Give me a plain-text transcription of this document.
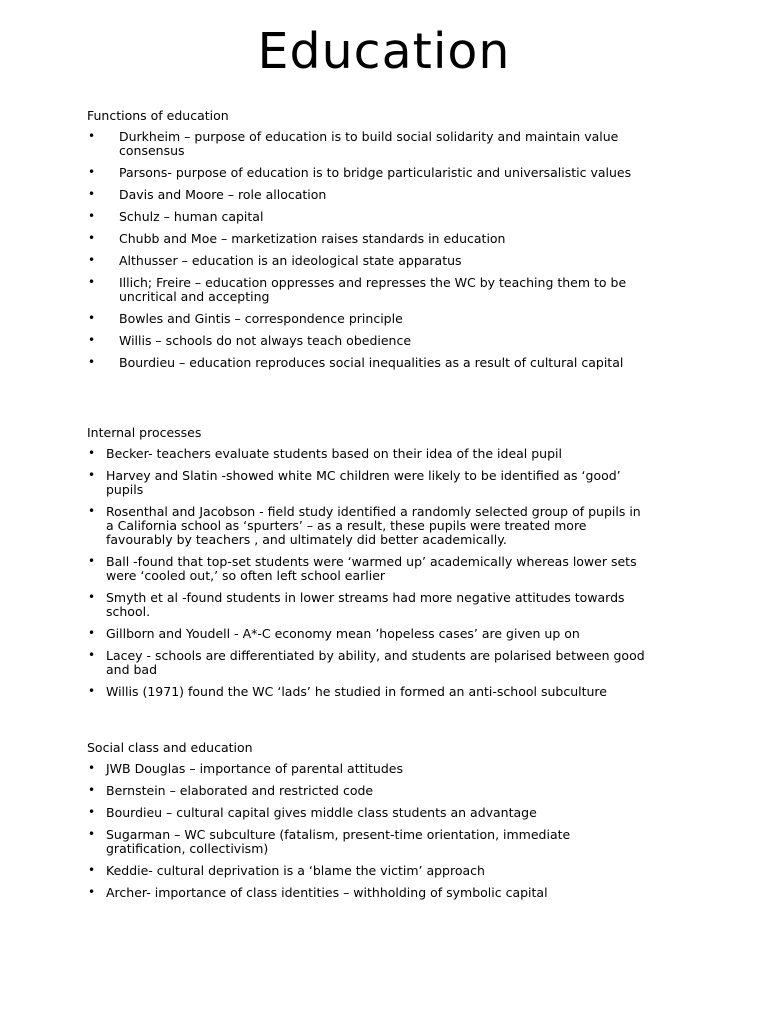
Education

Functions of education

• Durkheim – purpose of education is to build social solidarity and maintain value consensus
• Parsons- purpose of education is to bridge particularistic and universalistic values
• Davis and Moore – role allocation
• Schulz – human capital
• Chubb and Moe – marketization raises standards in education
• Althusser – education is an ideological state apparatus
• Illich; Freire – education oppresses and represses the WC by teaching them to be uncritical and accepting
• Bowles and Gintis – correspondence principle
• Willis – schools do not always teach obedience
• Bourdieu – education reproduces social inequalities as a result of cultural capital

Internal processes

• Becker- teachers evaluate students based on their idea of the ideal pupil
• Harvey and Slatin -showed white MC children were likely to be identified as ‘good’ pupils
• Rosenthal and Jacobson - field study identified a randomly selected group of pupils in a California school as ‘spurters’ – as a result, these pupils were treated more favourably by teachers , and ultimately did better academically.
• Ball -found that top-set students were ‘warmed up’ academically whereas lower sets were ‘cooled out,’ so often left school earlier
• Smyth et al -found students in lower streams had more negative attitudes towards school.
• Gillborn and Youdell - A*-C economy mean ’hopeless cases’ are given up on
• Lacey - schools are differentiated by ability, and students are polarised between good and bad
• Willis (1971) found the WC ‘lads’ he studied in formed an anti-school subculture

Social class and education

• JWB Douglas – importance of parental attitudes
• Bernstein – elaborated and restricted code
• Bourdieu – cultural capital gives middle class students an advantage
• Sugarman – WC subculture (fatalism, present-time orientation, immediate gratification, collectivism)
• Keddie- cultural deprivation is a ‘blame the victim’ approach
• Archer- importance of class identities – withholding of symbolic capital
